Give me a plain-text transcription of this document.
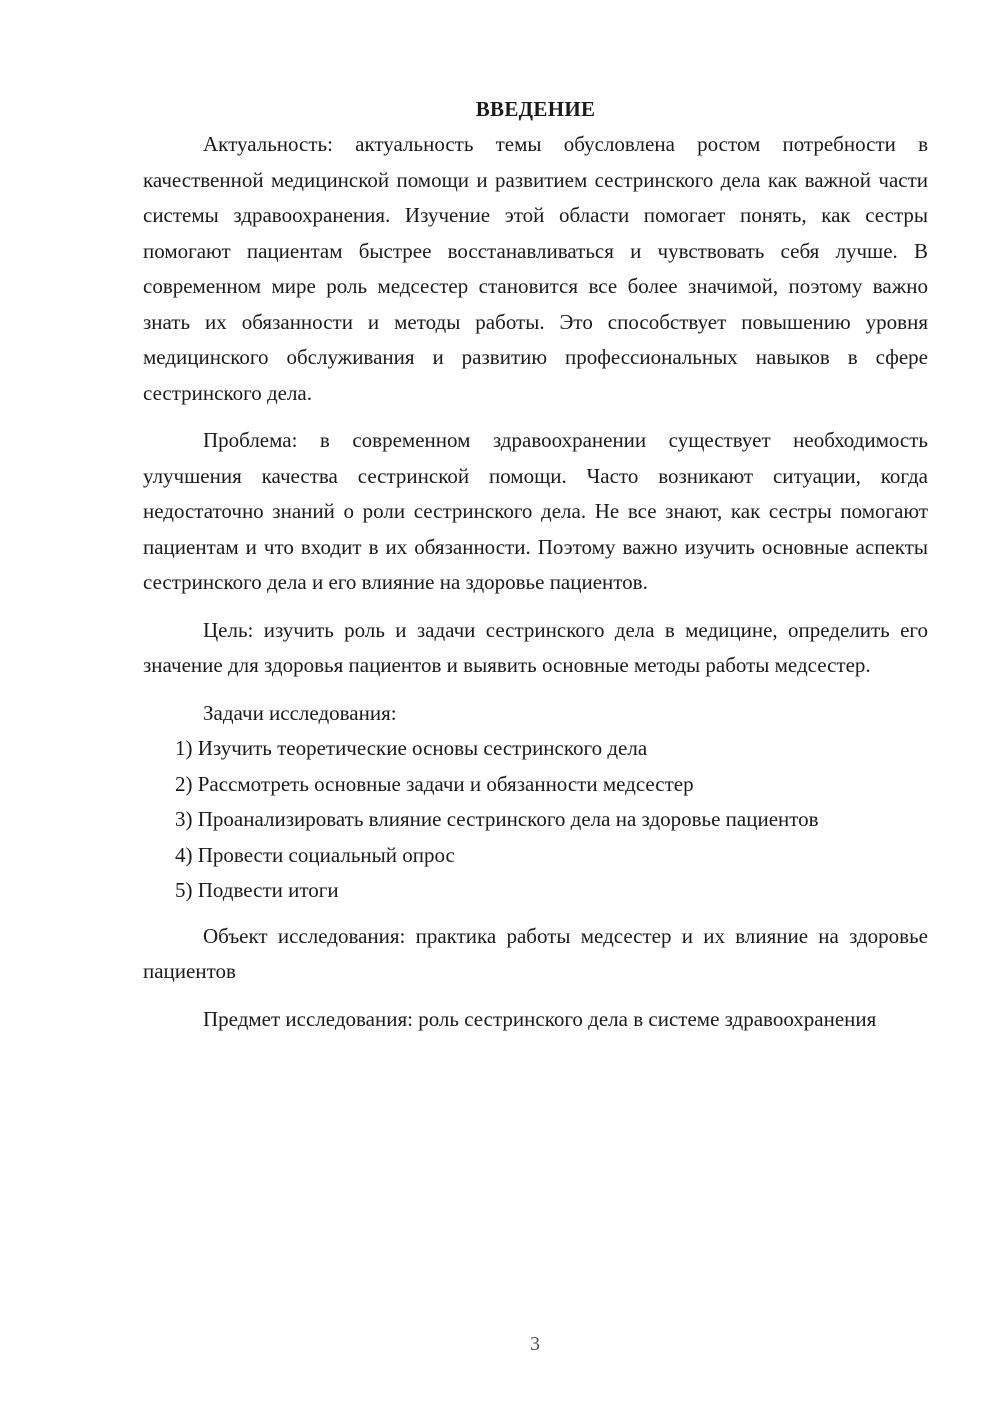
ВВЕДЕНИЕ

Актуальность: актуальность темы обусловлена ростом потребности в качественной медицинской помощи и развитием сестринского дела как важной части системы здравоохранения. Изучение этой области помогает понять, как сестры помогают пациентам быстрее восстанавливаться и чувствовать себя лучше. В современном мире роль медсестер становится все более значимой, поэтому важно знать их обязанности и методы работы. Это способствует повышению уровня медицинского обслуживания и развитию профессиональных навыков в сфере сестринского дела.

Проблема: в современном здравоохранении существует необходимость улучшения качества сестринской помощи. Часто возникают ситуации, когда недостаточно знаний о роли сестринского дела. Не все знают, как сестры помогают пациентам и что входит в их обязанности. Поэтому важно изучить основные аспекты сестринского дела и его влияние на здоровье пациентов.

Цель: изучить роль и задачи сестринского дела в медицине, определить его значение для здоровья пациентов и выявить основные методы работы медсестер.

Задачи исследования:

1) Изучить теоретические основы сестринского дела

2) Рассмотреть основные задачи и обязанности медсестер

3) Проанализировать влияние сестринского дела на здоровье пациентов

4) Провести социальный опрос

5) Подвести итоги

Объект исследования: практика работы медсестер и их влияние на здоровье пациентов

Предмет исследования: роль сестринского дела в системе здравоохранения

3
